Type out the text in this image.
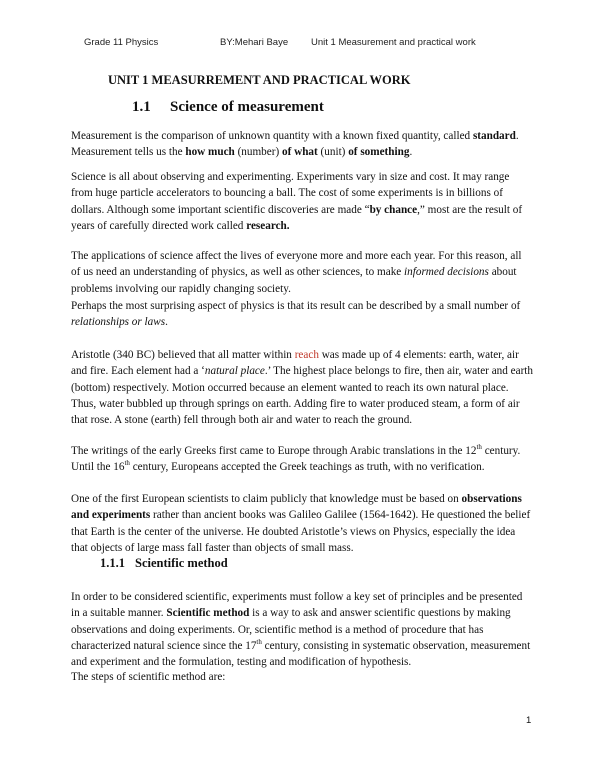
Grade 11 Physics	BY:Mehari Baye Unit 1 Measurement and practical work
UNIT 1 MEASURREMENT AND PRACTICAL WORK
1.1 Science of measurement

Measurement is the comparison of unknown quantity with a known fixed quantity, called standard. Measurement tells us the how much (number) of what (unit) of something.

Science is all about observing and experimenting. Experiments vary in size and cost. It may range from huge particle accelerators to bouncing a ball. The cost of some experiments is in billions of dollars. Although some important scientific discoveries are made “by chance,” most are the result of years of carefully directed work called research.

The applications of science affect the lives of everyone more and more each year. For this reason, all of us need an understanding of physics, as well as other sciences, to make informed decisions about problems involving our rapidly changing society.

Perhaps the most surprising aspect of physics is that its result can be described by a small number of relationships or laws.

Aristotle (340 BC) believed that all matter within reach was made up of 4 elements: earth, water, air and fire. Each element had a ‘natural place.’ The highest place belongs to fire, then air, water and earth (bottom) respectively. Motion occurred because an element wanted to reach its own natural place. Thus, water bubbled up through springs on earth. Adding fire to water produced steam, a form of air that rose. A stone (earth) fell through both air and water to reach the ground.

The writings of the early Greeks first came to Europe through Arabic translations in the 12th century. Until the 16th century, Europeans accepted the Greek teachings as truth, with no verification.

One of the first European scientists to claim publicly that knowledge must be based on observations and experiments rather than ancient books was Galileo Galilee (1564-1642). He questioned the belief that Earth is the center of the universe. He doubted Aristotle’s views on Physics, especially the idea that objects of large mass fall faster than objects of small mass.

1.1.1 Scientific method

In order to be considered scientific, experiments must follow a key set of principles and be presented in a suitable manner. Scientific method is a way to ask and answer scientific questions by making observations and doing experiments. Or, scientific method is a method of procedure that has characterized natural science since the 17th century, consisting in systematic observation, measurement and experiment and the formulation, testing and modification of hypothesis.

The steps of scientific method are:
1
